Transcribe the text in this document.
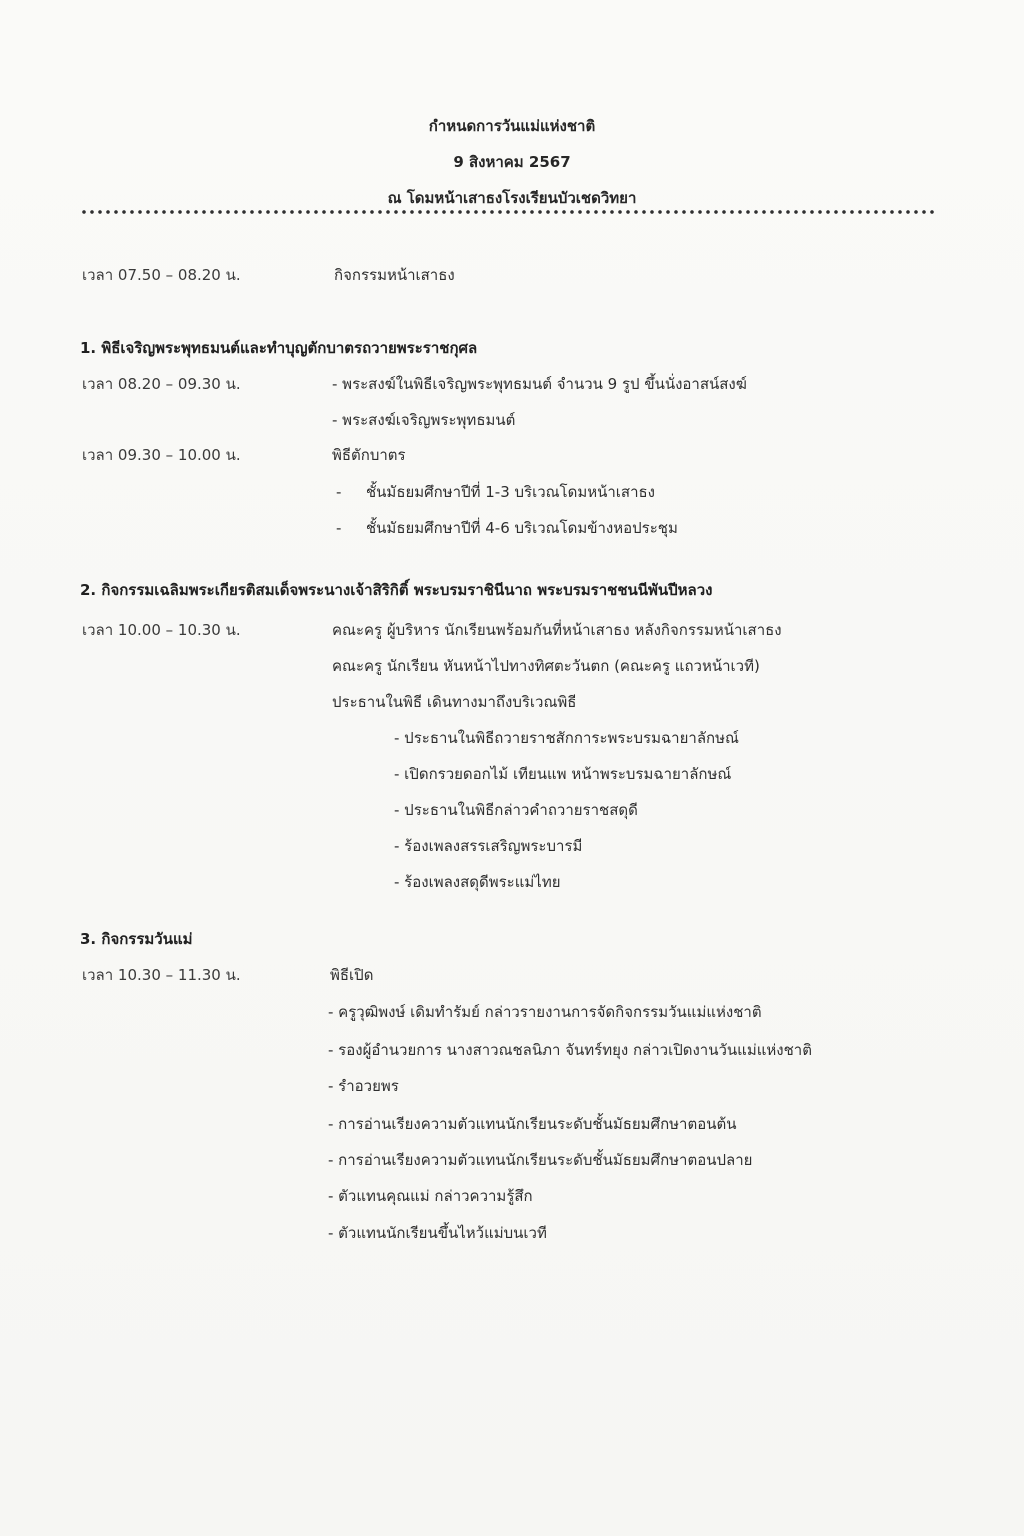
กำหนดการวันแม่แห่งชาติ
9 สิงหาคม 2567
ณ โดมหน้าเสาธงโรงเรียนบัวเชดวิทยา
เวลา 07.50 – 08.20 น.	กิจกรรมหน้าเสาธง
1. พิธีเจริญพระพุทธมนต์และทำบุญตักบาตรถวายพระราชกุศล
เวลา 08.20 – 09.30 น.	- พระสงฆ์ในพิธีเจริญพระพุทธมนต์ จำนวน 9 รูป ขึ้นนั่งอาสน์สงฆ์
- พระสงฆ์เจริญพระพุทธมนต์
เวลา 09.30 – 10.00 น.	พิธีตักบาตร
- ชั้นมัธยมศึกษาปีที่ 1-3 บริเวณโดมหน้าเสาธง
- ชั้นมัธยมศึกษาปีที่ 4-6 บริเวณโดมข้างหอประชุม
2. กิจกรรมเฉลิมพระเกียรติสมเด็จพระนางเจ้าสิริกิติ์ พระบรมราชินีนาถ พระบรมราชชนนีพันปีหลวง
เวลา 10.00 – 10.30 น.	คณะครู ผู้บริหาร นักเรียนพร้อมกันที่หน้าเสาธง หลังกิจกรรมหน้าเสาธง
คณะครู นักเรียน หันหน้าไปทางทิศตะวันตก (คณะครู แถวหน้าเวที)
ประธานในพิธี เดินทางมาถึงบริเวณพิธี
- ประธานในพิธีถวายราชสักการะพระบรมฉายาลักษณ์
- เปิดกรวยดอกไม้ เทียนแพ หน้าพระบรมฉายาลักษณ์
- ประธานในพิธีกล่าวคำถวายราชสดุดี
- ร้องเพลงสรรเสริญพระบารมี
- ร้องเพลงสดุดีพระแม่ไทย
3. กิจกรรมวันแม่
เวลา 10.30 – 11.30 น.	พิธีเปิด
- ครูวุฒิพงษ์ เดิมทำรัมย์ กล่าวรายงานการจัดกิจกรรมวันแม่แห่งชาติ
- รองผู้อำนวยการ นางสาวณชลนิภา จันทร์ทยุง กล่าวเปิดงานวันแม่แห่งชาติ
- รำอวยพร
- การอ่านเรียงความตัวแทนนักเรียนระดับชั้นมัธยมศึกษาตอนต้น
- การอ่านเรียงความตัวแทนนักเรียนระดับชั้นมัธยมศึกษาตอนปลาย
- ตัวแทนคุณแม่ กล่าวความรู้สึก
- ตัวแทนนักเรียนขึ้นไหว้แม่บนเวที
